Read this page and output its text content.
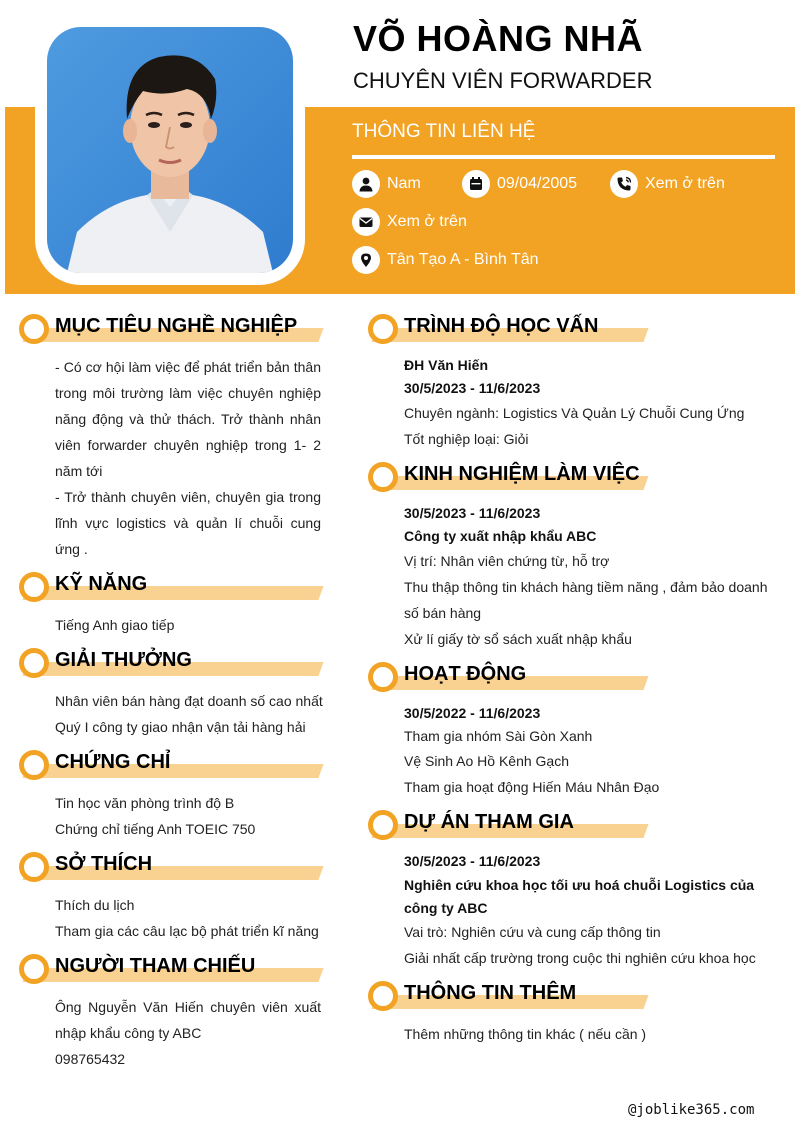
VÕ HOÀNG NHÃ
CHUYÊN VIÊN FORWARDER
THÔNG TIN LIÊN HỆ
Nam	09/04/2005	Xem ở trên
Xem ở trên
Tân Tạo A - Bình Tân
MỤC TIÊU NGHỀ NGHIỆP
- Có cơ hội làm việc để phát triển bản thân trong môi trường làm việc chuyên nghiệp năng động và thử thách. Trở thành nhân viên forwarder chuyên nghiệp trong 1- 2 năm tới
- Trở thành chuyên viên, chuyên gia trong lĩnh vực logistics và quản lí chuỗi cung ứng .
KỸ NĂNG
Tiếng Anh giao tiếp
GIẢI THƯỞNG
Nhân viên bán hàng đạt doanh số cao nhất
Quý I công ty giao nhận vận tải hàng hải
CHỨNG CHỈ
Tin học văn phòng trình độ B
Chứng chỉ tiếng Anh TOEIC 750
SỞ THÍCH
Thích du lịch
Tham gia các câu lạc bộ phát triển kĩ năng
NGƯỜI THAM CHIẾU
Ông Nguyễn Văn Hiến chuyên viên xuất nhập khẩu công ty ABC
098765432
TRÌNH ĐỘ HỌC VẤN
ĐH Văn Hiến
30/5/2023 - 11/6/2023
Chuyên ngành: Logistics Và Quản Lý Chuỗi Cung Ứng
Tốt nghiệp loại: Giỏi
KINH NGHIỆM LÀM VIỆC
30/5/2023 - 11/6/2023
Công ty xuất nhập khẩu ABC
Vị trí: Nhân viên chứng từ, hỗ trợ
Thu thập thông tin khách hàng tiềm năng , đảm bảo doanh số bán hàng
Xử lí giấy tờ sổ sách xuất nhập khẩu
HOẠT ĐỘNG
30/5/2022 - 11/6/2023
Tham gia nhóm Sài Gòn Xanh
Vệ Sinh Ao Hồ Kênh Gạch
Tham gia hoạt động Hiến Máu Nhân Đạo
DỰ ÁN THAM GIA
30/5/2023 - 11/6/2023
Nghiên cứu khoa học tối ưu hoá chuỗi Logistics của công ty ABC
Vai trò: Nghiên cứu và cung cấp thông tin
Giải nhất cấp trường trong cuộc thi nghiên cứu khoa học
THÔNG TIN THÊM
Thêm những thông tin khác ( nếu cần )
@joblike365.com
